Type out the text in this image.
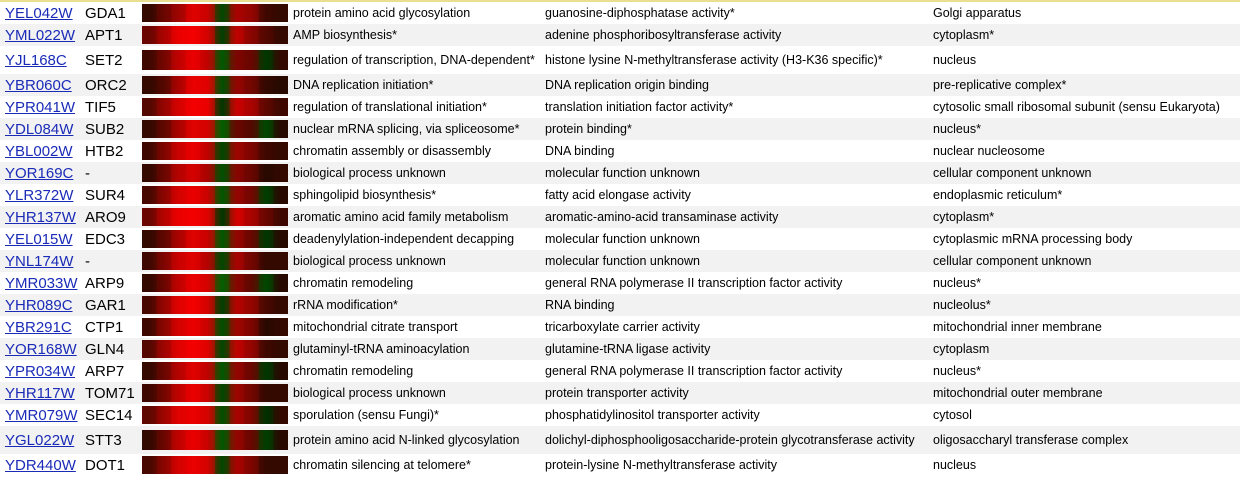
YEL042W	GDA1		protein amino acid glycosylation	guanosine-diphosphatase activity*	Golgi apparatus
YML022W	APT1		AMP biosynthesis*	adenine phosphoribosyltransferase activity	cytoplasm*
YJL168C	SET2		regulation of transcription, DNA-dependent*	histone lysine N-methyltransferase activity (H3-K36 specific)*	nucleus
YBR060C	ORC2		DNA replication initiation*	DNA replication origin binding	pre-replicative complex*
YPR041W	TIF5		regulation of translational initiation*	translation initiation factor activity*	cytosolic small ribosomal subunit (sensu Eukaryota)
YDL084W	SUB2		nuclear mRNA splicing, via spliceosome*	protein binding*	nucleus*
YBL002W	HTB2		chromatin assembly or disassembly	DNA binding	nuclear nucleosome
YOR169C	-		biological process unknown	molecular function unknown	cellular component unknown
YLR372W	SUR4		sphingolipid biosynthesis*	fatty acid elongase activity	endoplasmic reticulum*
YHR137W	ARO9		aromatic amino acid family metabolism	aromatic-amino-acid transaminase activity	cytoplasm*
YEL015W	EDC3		deadenylylation-independent decapping	molecular function unknown	cytoplasmic mRNA processing body
YNL174W	-		biological process unknown	molecular function unknown	cellular component unknown
YMR033W	ARP9		chromatin remodeling	general RNA polymerase II transcription factor activity	nucleus*
YHR089C	GAR1		rRNA modification*	RNA binding	nucleolus*
YBR291C	CTP1		mitochondrial citrate transport	tricarboxylate carrier activity	mitochondrial inner membrane
YOR168W	GLN4		glutaminyl-tRNA aminoacylation	glutamine-tRNA ligase activity	cytoplasm
YPR034W	ARP7		chromatin remodeling	general RNA polymerase II transcription factor activity	nucleus*
YHR117W	TOM71		biological process unknown	protein transporter activity	mitochondrial outer membrane
YMR079W	SEC14		sporulation (sensu Fungi)*	phosphatidylinositol transporter activity	cytosol
YGL022W	STT3		protein amino acid N-linked glycosylation	dolichyl-diphosphooligosaccharide-protein glycotransferase activity	oligosaccharyl transferase complex
YDR440W	DOT1		chromatin silencing at telomere*	protein-lysine N-methyltransferase activity	nucleus
